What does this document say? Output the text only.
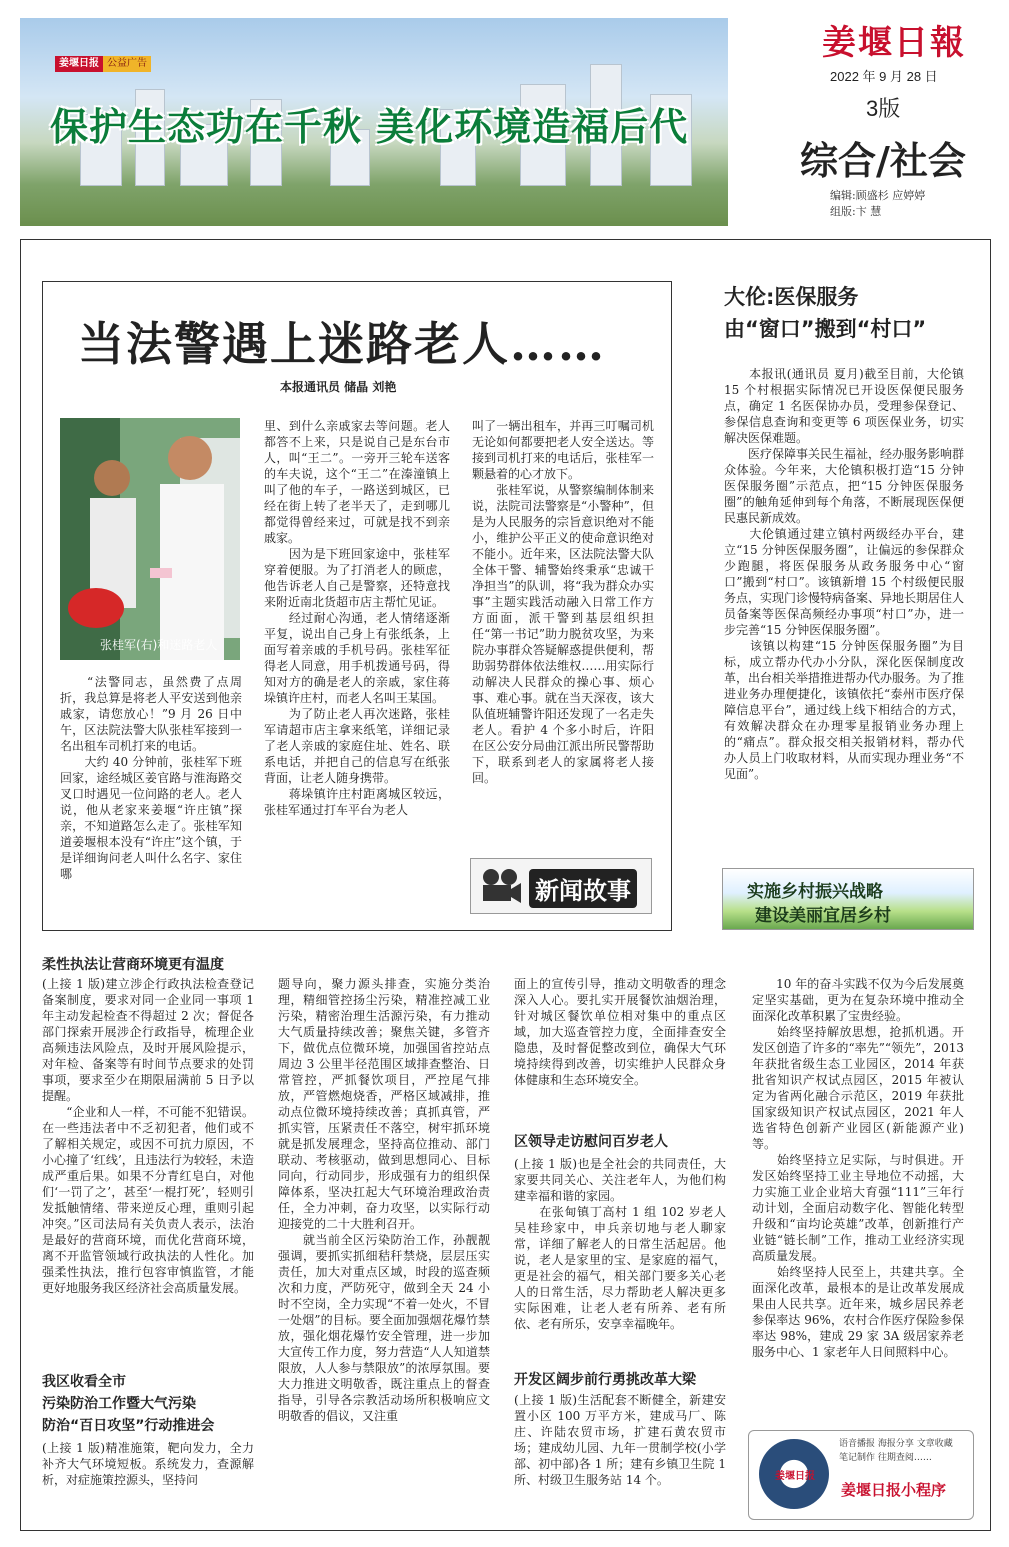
姜堰日报 公益广告
保护生态功在千秋 美化环境造福后代
姜堰日報
2022 年 9 月 28 日
3版
综合/社会
编辑:顾盛杉 应婷婷
组版:卞 慧
当法警遇上迷路老人……
本报通讯员 储晶 刘艳
张桂军(右)和迷路老人
　　“法警同志，虽然费了点周折，我总算是将老人平安送到他亲戚家，请您放心！”9 月 26 日中午，区法院法警大队张桂军接到一名出租车司机打来的电话。
　　大约 40 分钟前，张桂军下班回家，途经城区姜官路与淮海路交叉口时遇见一位问路的老人。老人说，他从老家来姜堰“许庄镇”探亲，不知道路怎么走了。张桂军知道姜堰根本没有“许庄”这个镇，于是详细询问老人叫什么名字、家住哪
里、到什么亲戚家去等问题。老人都答不上来，只是说自己是东台市人，叫“王二”。一旁开三轮车送客的车夫说，这个“王二”在溱潼镇上叫了他的车子，一路送到城区，已经在街上转了老半天了，走到哪儿都觉得曾经来过，可就是找不到亲戚家。
　　因为是下班回家途中，张桂军穿着便服。为了打消老人的顾虑，他告诉老人自己是警察，还特意找来附近南北货超市店主帮忙见证。
　　经过耐心沟通，老人情绪逐渐平复，说出自己身上有张纸条，上面写着亲戚的手机号码。张桂军征得老人同意，用手机拨通号码，得知对方的确是老人的亲戚，家住蒋垛镇许庄村，而老人名叫王某国。
　　为了防止老人再次迷路，张桂军请超市店主拿来纸笔，详细记录了老人亲戚的家庭住址、姓名、联系电话，并把自己的信息写在纸张背面，让老人随身携带。
　　蒋垛镇许庄村距离城区较远，张桂军通过打车平台为老人
叫了一辆出租车，并再三叮嘱司机无论如何都要把老人安全送达。等接到司机打来的电话后，张桂军一颗悬着的心才放下。
　　张桂军说，从警察编制体制来说，法院司法警察是“小警种”，但是为人民服务的宗旨意识绝对不能小，维护公平正义的使命意识绝对不能小。近年来，区法院法警大队全体干警、辅警始终秉承“忠诚干净担当”的队训，将“我为群众办实事”主题实践活动融入日常工作方方面面，派干警到基层组织担任“第一书记”助力脱贫攻坚，为来院办事群众答疑解惑提供便利，帮助弱势群体依法维权……用实际行动解决人民群众的操心事、烦心事、难心事。就在当天深夜，该大队值班辅警许阳还发现了一名走失老人。看护 4 个多小时后，许阳在区公安分局曲江派出所民警帮助下，联系到老人的家属将老人接回。
新闻故事
大伦:医保服务
由“窗口”搬到“村口”
　　本报讯(通讯员 夏月)截至目前，大伦镇 15 个村根据实际情况已开设医保便民服务点，确定 1 名医保协办员，受理参保登记、参保信息查询和变更等 6 项医保业务，切实解决医保难题。
　　医疗保障事关民生福祉，经办服务影响群众体验。今年来，大伦镇积极打造“15 分钟医保服务圈”示范点，把“15 分钟医保服务圈”的触角延伸到每个角落，不断展现医保便民惠民新成效。
　　大伦镇通过建立镇村两级经办平台，建立“15 分钟医保服务圈”，让偏远的参保群众少跑腿，将医保服务从政务服务中心“窗口”搬到“村口”。该镇新增 15 个村级便民服务点，实现门诊慢特病备案、异地长期居住人员备案等医保高频经办事项“村口”办，进一步完善“15 分钟医保服务圈”。
　　该镇以构建“15 分钟医保服务圈”为目标，成立帮办代办小分队，深化医保制度改革，出台相关举措推进帮办代办服务。为了推进业务办理便捷化，该镇依托“泰州市医疗保障信息平台”，通过线上线下相结合的方式，有效解决群众在办理零星报销业务办理上的“痛点”。群众报交相关报销材料，帮办代办人员上门收取材料，从而实现办理业务“不见面”。
实施乡村振兴战略
建设美丽宜居乡村
柔性执法让营商环境更有温度
(上接 1 版)建立涉企行政执法检查登记备案制度，要求对同一企业同一事项 1 年主动发起检查不得超过 2 次；督促各部门探索开展涉企行政指导，梳理企业高频违法风险点，及时开展风险提示，对年检、备案等有时间节点要求的处罚事项，要求至少在期限届满前 5 日予以提醒。
　　“企业和人一样，不可能不犯错误。在一些违法者中不乏初犯者，他们或不了解相关规定，或因不可抗力原因，不小心撞了‘红线’，且违法行为较轻，未造成严重后果。如果不分青红皂白，对他们‘一罚了之’，甚至‘一棍打死’，轻则引发抵触情绪、带来逆反心理，重则引起冲突。”区司法局有关负责人表示，法治是最好的营商环境，而优化营商环境，离不开监管领域行政执法的人性化。加强柔性执法，推行包容审慎监管，才能更好地服务我区经济社会高质量发展。
我区收看全市
污染防治工作暨大气污染
防治“百日攻坚”行动推进会
(上接 1 版)精准施策，靶向发力，全力补齐大气环境短板。系统发力，查源解析，对症施策控源头，坚持问
题导向，聚力源头排查，实施分类治理，精细管控扬尘污染，精准控减工业污染，精密治理生活源污染，有力推动大气质量持续改善；聚焦关键，多管齐下，做优点位微环境，加强国省控站点周边 3 公里半径范围区域排查整治、日常管控，严抓餐饮项目，严控尾气排放，严管燃炮烧香，严格区域减排，推动点位微环境持续改善；真抓真管，严抓实管，压紧责任不落空，树牢抓环境就是抓发展理念，坚持高位推动、部门联动、考核驱动，做到思想同心、目标同向，行动同步，形成强有力的组织保障体系，坚决扛起大气环境治理政治责任，全力冲刺，奋力攻坚，以实际行动迎接党的二十大胜利召开。
　　就当前全区污染防治工作，孙靓靓强调，要抓实抓细秸秆禁烧，层层压实责任，加大对重点区域，时段的巡查频次和力度，严防死守，做到全天 24 小时不空岗，全力实现“不着一处火，不冒一处烟”的目标。要全面加强烟花爆竹禁放，强化烟花爆竹安全管理，进一步加大宣传工作力度，努力营造“人人知道禁限放，人人参与禁限放”的浓厚氛围。要大力推进文明敬香，既注重点上的督查指导，引导各宗教活动场所积极响应文明敬香的倡议，又注重
面上的宣传引导，推动文明敬香的理念深入人心。要扎实开展餐饮油烟治理，针对城区餐饮单位相对集中的重点区域，加大巡查管控力度，全面排查安全隐患，及时督促整改到位，确保大气环境持续得到改善，切实维护人民群众身体健康和生态环境安全。
区领导走访慰问百岁老人
(上接 1 版)也是全社会的共同责任，大家要共同关心、关注老年人，为他们构建幸福和谐的家园。
　　在张甸镇丁高村 1 组 102 岁老人吴桂珍家中，申兵亲切地与老人聊家常，详细了解老人的日常生活起居。他说，老人是家里的宝、是家庭的福气，更是社会的福气，相关部门要多关心老人的日常生活，尽力帮助老人解决更多实际困难，让老人老有所养、老有所依、老有所乐，安享幸福晚年。
开发区阔步前行勇挑改革大梁
(上接 1 版)生活配套不断健全，新建安置小区 100 万平方米，建成马厂、陈庄、许陆农贸市场，扩建石黄农贸市场；建成幼儿园、九年一贯制学校(小学部、初中部)各 1 所；建有乡镇卫生院 1 所、村级卫生服务站 14 个。
　　10 年的奋斗实践不仅为今后发展奠定坚实基础，更为在复杂环境中推动全面深化改革积累了宝贵经验。
　　始终坚持解放思想，抢抓机遇。开发区创造了许多的“率先”“领先”，2013 年获批省级生态工业园区，2014 年获批省知识产权试点园区，2015 年被认定为省两化融合示范区，2019 年获批国家级知识产权试点园区，2021 年人选省特色创新产业园区(新能源产业)等。
　　始终坚持立足实际，与时俱进。开发区始终坚持工业主导地位不动摇，大力实施工业企业培大育强“111”三年行动计划，全面启动数字化、智能化转型升级和“亩均论英雄”改革，创新推行产业链“链长制”工作，推动工业经济实现高质量发展。
　　始终坚持人民至上，共建共享。全面深化改革，最根本的是让改革发展成果由人民共享。近年来，城乡居民养老参保率达 96%，农村合作医疗保险参保率达 98%，建成 29 家 3A 级居家养老服务中心、1 家老年人日间照料中心。
姜堰日报
语音播报 海报分享 文章收藏
笔记制作 往期查阅……
姜堰日报小程序
